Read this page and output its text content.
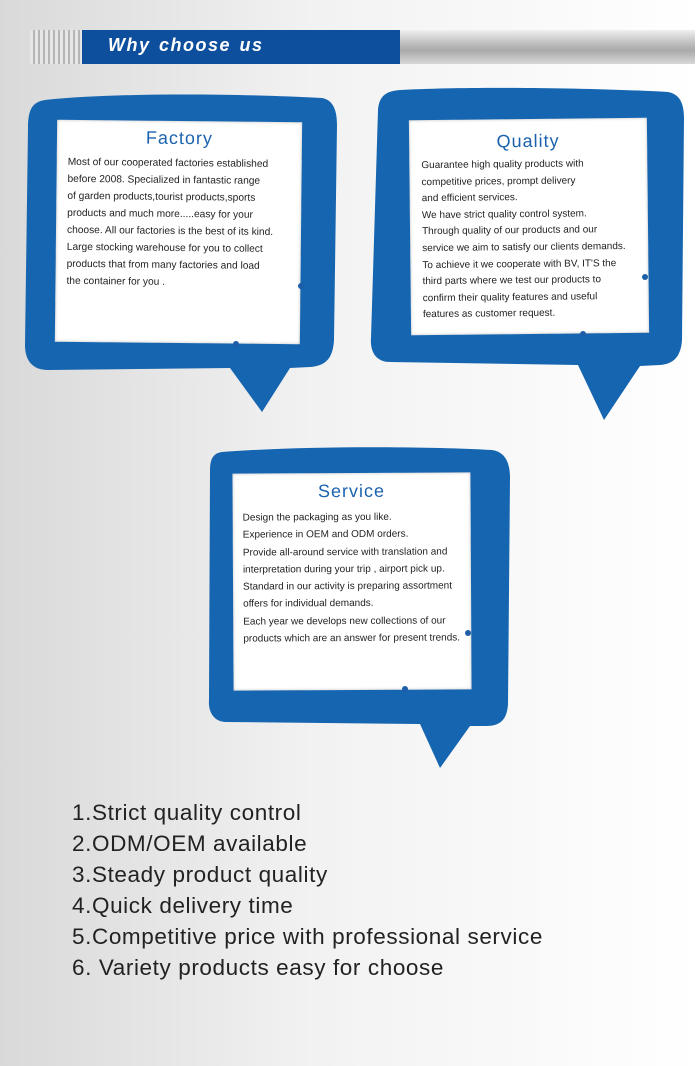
Why choose us
Factory

Most of our cooperated factories established
before 2008. Specialized in fantastic range
of garden products,tourist products,sports
products and much more.....easy for your
choose. All our factories is the best of its kind.
Large stocking warehouse for you to collect
products that from many factories and load
the container for you .

Quality

Guarantee high quality products with
competitive prices, prompt delivery
and efficient services.
We have strict quality control system.
Through quality of our products and our
service we aim to satisfy our clients demands.
To achieve it we cooperate with BV, IT'S the
third parts where we test our products to
confirm their quality features and useful
features as customer request.

Service

Design the packaging as you like.
Experience in OEM and ODM orders.
Provide all-around service with translation and
interpretation during your trip , airport pick up.
Standard in our activity is preparing assortment
offers for individual demands.
Each year we develops new collections of our
products which are an answer for present trends.

1.Strict quality control
2.ODM/OEM available
3.Steady product quality
4.Quick delivery time
5.Competitive price with professional service
6. Variety products easy for choose
